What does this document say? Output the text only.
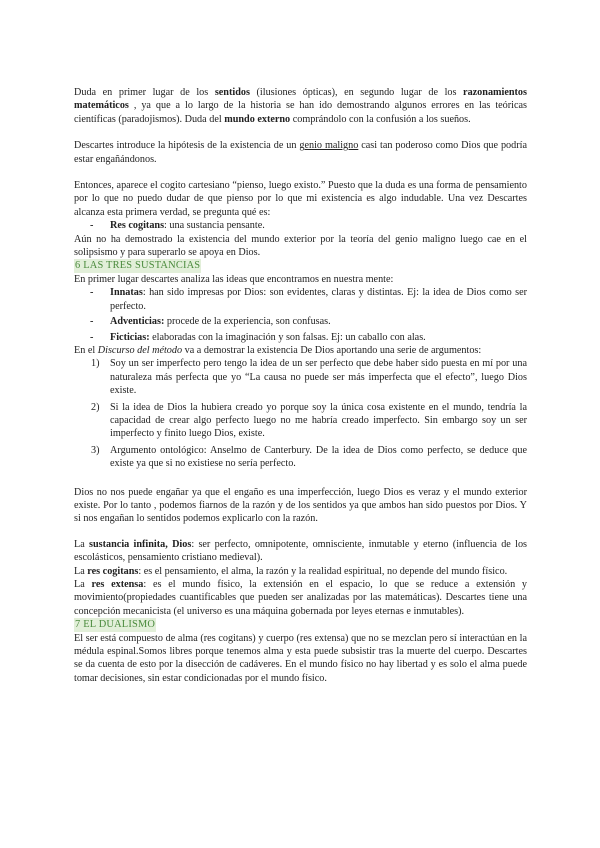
Duda en primer lugar de los sentidos (ilusiones ópticas), en segundo lugar de los razonamientos matemáticos , ya que a lo largo de la historia se han ido demostrando algunos errores en las teóricas científicas (paradojismos). Duda del mundo externo comprándolo con la confusión a los sueños.

Descartes introduce la hipótesis de la existencia de un genio maligno casi tan poderoso como Dios que podría estar engañándonos.

Entonces, aparece el cogito cartesiano “pienso, luego existo.” Puesto que la duda es una forma de pensamiento por lo que no puedo dudar de que pienso por lo que mi existencia es algo indudable. Una vez Descartes alcanza esta primera verdad, se pregunta qué es:

- Res cogitans: una sustancia pensante.

Aún no ha demostrado la existencia del mundo exterior por la teoría del genio maligno luego cae en el solipsismo y para superarlo se apoya en Dios.

6 LAS TRES SUSTANCIAS

En primer lugar descartes analiza las ideas que encontramos en nuestra mente:

- Innatas: han sido impresas por Dios: son evidentes, claras y distintas. Ej: la idea de Dios como ser perfecto.
- Adventicias: procede de la experiencia, son confusas.
- Ficticias: elaboradas con la imaginación y son falsas. Ej: un caballo con alas.

En el Discurso del método va a demostrar la existencia De Dios aportando una serie de argumentos:

1) Soy un ser imperfecto pero tengo la idea de un ser perfecto que debe haber sido puesta en mí por una naturaleza más perfecta que yo “La causa no puede ser más imperfecta que el efecto”, luego Dios existe.
2) Si la idea de Dios la hubiera creado yo porque soy la única cosa existente en el mundo, tendría la capacidad de crear algo perfecto luego no me habría creado imperfecto. Sin embargo soy un ser imperfecto y finito luego Dios, existe.
3) Argumento ontológico: Anselmo de Canterbury. De la idea de Dios como perfecto, se deduce que existe ya que si no existiese no sería perfecto.

Dios no nos puede engañar ya que el engaño es una imperfección, luego Dios es veraz y el mundo exterior existe. Por lo tanto , podemos fiarnos de la razón y de los sentidos ya que ambos han sido puestos por Dios. Y si nos engañan lo sentidos podemos explicarlo con la razón.

La sustancia infinita, Dios: ser perfecto, omnipotente, omnisciente, inmutable y eterno (influencia de los escolásticos, pensamiento cristiano medieval).

La res cogitans: es el pensamiento, el alma, la razón y la realidad espiritual, no depende del mundo físico.

La res extensa: es el mundo físico, la extensión en el espacio, lo que se reduce a extensión y movimiento(propiedades cuantificables que pueden ser analizadas por las matemáticas). Descartes tiene una concepción mecanicista (el universo es una máquina gobernada por leyes eternas e inmutables).

7 EL DUALISMO

El ser está compuesto de alma (res cogitans) y cuerpo (res extensa) que no se mezclan pero sí interactúan en la médula espinal.Somos libres porque tenemos alma y esta puede subsistir tras la muerte del cuerpo. Descartes se da cuenta de esto por la disección de cadáveres. En el mundo físico no hay libertad y es solo el alma puede tomar decisiones, sin estar condicionadas por el mundo físico.
